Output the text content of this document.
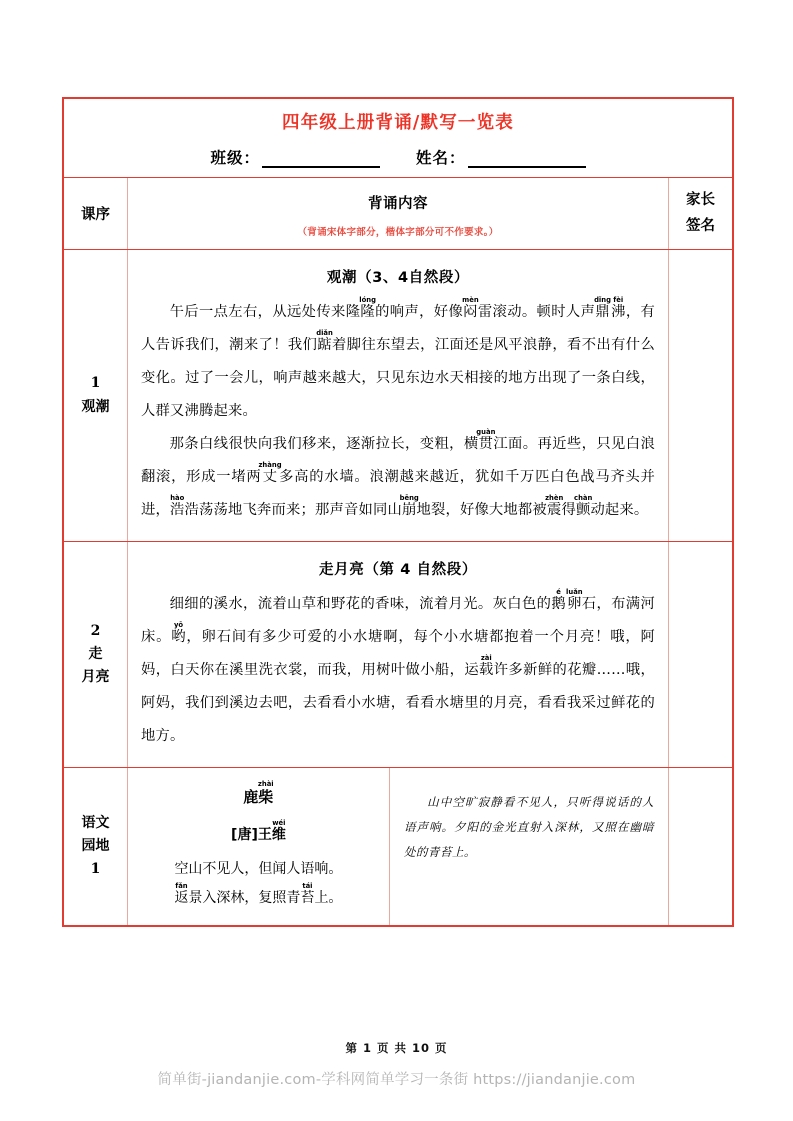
四年级上册背诵/默写一览表
班级：	姓名：
课序
背诵内容
（背诵宋体字部分，楷体字部分可不作要求。）
家长
签名
1
观潮
观潮（3、4自然段）
午后一点左右，从远处传来隆隆lóng的响声，好像闷mèn雷滚动。顿时人声鼎dǐng沸fèi，有人告诉我们，潮来了！我们踮diǎn着脚往东望去，江面还是风平浪静，看不出有什么变化。过了一会儿，响声越来越大，只见东边水天相接的地方出现了一条白线，人群又沸腾起来。
那条白线很快向我们移来，逐渐拉长，变粗，横贯guàn江面。再近些，只见白浪翻滚，形成一堵两丈zhàng多高的水墙。浪潮越来越近，犹如千万匹白色战马齐头并进，浩hào浩荡荡地飞奔而来；那声音如同山崩bēng地裂，好像大地都被震zhèn得颤chàn动起来。
2
走
月亮
走月亮（第 4 自然段）
细细的溪水，流着山草和野花的香味，流着月光。灰白色的鹅é卵luǎn石，布满河床。哟yō，卵石间有多少可爱的小水塘啊，每个小水塘都抱着一个月亮！哦，阿妈，白天你在溪里洗衣裳，而我，用树叶做小船，运载zài许多新鲜的花瓣……哦，阿妈，我们到溪边去吧，去看看小水塘，看看水塘里的月亮，看看我采过鲜花的地方。
语文
园地
1
鹿柴zhài
[唐]王维wéi
空山不见人，但闻人语响。
返fǎn景入深林，复照青苔tái上。
山中空旷寂静看不见人，只听得说话的人语声响。夕阳的金光直射入深林，又照在幽暗处的青苔上。
第 1 页 共 10 页
简单街-jiandanjie.com-学科网简单学习一条街 https://jiandanjie.com
